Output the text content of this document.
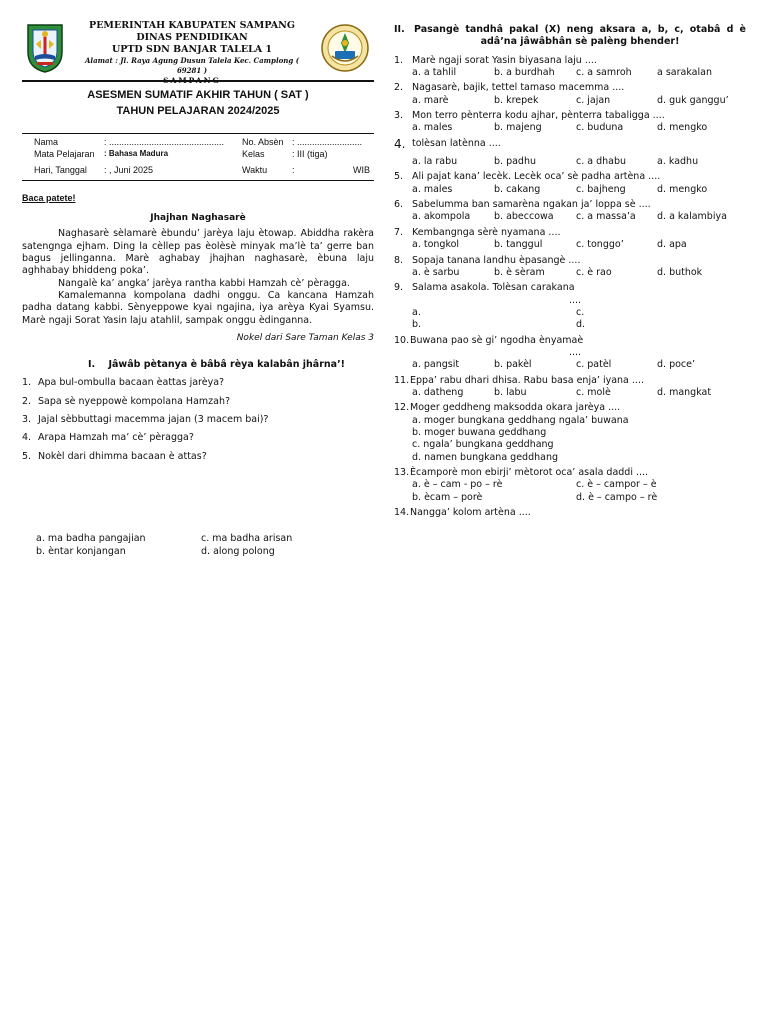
PEMERINTAH KABUPATEN SAMPANG
DINAS PENDIDIKAN
UPTD SDN BANJAR TALELA 1
Alamat : Jl. Raya Agung Dusun Talela Kec. Camplong ( 69281 )
SAMPANG
ASESMEN SUMATIF AKHIR TAHUN ( SAT )
TAHUN PELAJARAN 2024/2025
Nama	: ..............................................	No. Absèn : ..........................
Mata Pelajaran	: Bahasa Madura	Kelas	: III (tiga)
Hari, Tanggal	: , Juni 2025	Waktu	:	WIB
Baca patete!
Jhajhan Naghasarè

Naghasarè sèlamarè èbundu’ jarèya laju ètowap. Abiddha rakèra satengnga ejham. Ding la cèllep pas èolèsè minyak ma’lè ta’ gerre ban bagus jellinganna. Marè aghabay jhajhan naghasarè, èbuna laju aghhabay bhiddeng poka’.

Nangalè ka’ angka’ jarèya rantha kabbi Hamzah cè’ pèragga.

Kamalemanna kompolana dadhi onggu. Ca kancana Hamzah padha datang kabbi. Sènyeppowe kyai ngajina, iya arèya Kyai Syamsu. Marè ngaji Sorat Yasin laju atahlil, sampak onggu èdinganna.

Nokel dari Sare Taman Kelas 3
I. Jâwâb pètanya è bâbâ rèya kalabân jhârna’!
1. Apa bul-ombulla bacaan èattas jarèya?
2. Sapa sè nyeppowè kompolana Hamzah?
3. Jajal sèbbuttagi macemma jajan (3 macem bai)?
4. Arapa Hamzah ma’ cè’ pèragga?
5. Nokèl dari dhimma bacaan è attas?
a. ma badha pangajian	c. ma badha arisan
b. èntar konjangan	d. along polong
II. Pasangè tandhâ pakal (X) neng aksara a, b, c, otabâ d è adâ’na jâwâbhân sè palèng bhender!
1. Marè ngaji sorat Yasin biyasana laju ....
a. a tahlil	b. a burdhah	c. a samroh	a sarakalan
2. Nagasarè, bajik, tettel tamaso macemma ....
a. marè	b. krepek	c. jajan	d. guk ganggu’
3. Mon terro pènterra kodu ajhar, pènterra tabaligga ....
a. males	b. majeng	c. buduna	d. mengko
4. tolèsan latènna ....
a. la rabu	b. padhu	c. a dhabu	a. kadhu
5. Ali pajat kana’ lecèk. Lecèk oca’ sè padha artèna ....
a. males	b. cakang	c. bajheng	d. mengko
6. Sabelumma ban samarèna ngakan ja’ loppa sè ....
a. akompola	b. abeccowa	c. a massa’a	d. a kalambiya
7. Kembangnga sèrè nyamana ....
a. tongkol	b. tanggul	c. tonggo’	d. apa
8. Sopaja tanana landhu èpasangè ....
a. è sarbu	b. è sèram	c. è rao	d. buthok
9. Salama asakola. Tolèsan carakana
....
a.	c.
b.	d.
10. Buwana pao sè gi’ ngodha ènyamaè
....
a. pangsit	b. pakèl	c. patèl	d. poce’
11. Eppa’ rabu dhari dhisa. Rabu basa enja’ iyana ....
a. datheng	b. labu	c. molè	d. mangkat
12. Moger geddheng maksodda okara jarèya ....
a. moger bungkana geddhang ngala’ buwana
b. moger buwana geddhang
c. ngala’ bungkana geddhang
d. namen bungkana geddhang
13. Ècamporè mon ebirji’ mètorot oca’ asala daddi ....
a. è – cam - po – rè	c. è – campor – è
b. ècam – porè	d. è – campo – rè
14. Nangga’ kolom artèna ....
